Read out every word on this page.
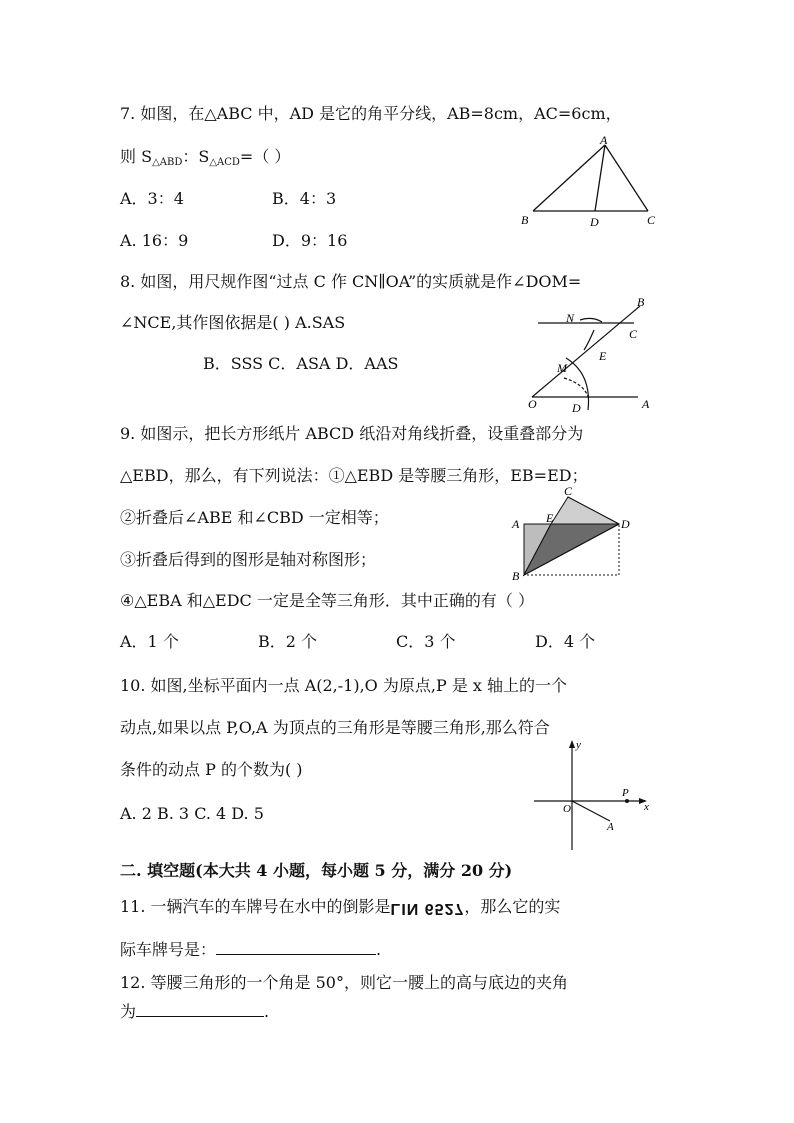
7. 如图，在△ABC 中，AD 是它的角平分线，AB=8cm，AC=6cm，
则 $S_{\triangle ABD}$：$S_{\triangle ACD}=$（ ）
A．3：4	B．4：3
A. 16：9	D．9：16
A
B	D	C
8. 如图，用尺规作图“过点 C 作 CN∥OA”的实质就是作∠DOM=
∠NCE,其作图依据是( ) A.SAS
B．SSS C．ASA D．AAS
B
N
C
E
M
O	D	A
9. 如图示，把长方形纸片 ABCD 纸沿对角线折叠，设重叠部分为
△EBD，那么，有下列说法：①△EBD 是等腰三角形，EB=ED；
②折叠后∠ABE 和∠CBD 一定相等；
③折叠后得到的图形是轴对称图形；
④△EBA 和△EDC 一定是全等三角形．其中正确的有（ ）
A．1 个	B．2 个	C．3 个	D．4 个
A E
C
D
B
10. 如图,坐标平面内一点 A(2,-1),O 为原点,P 是 x 轴上的一个
动点,如果以点 P,O,A 为顶点的三角形是等腰三角形,那么符合
条件的动点 P 的个数为( )
A. 2 B. 3 C. 4 D. 5
y
x
O
P
A
二. 填空题(本大共 4 小题，每小题 5 分，满分 20 分)
11. 一辆汽车的车牌号在水中的倒影是LIN 6527，那么它的实
际车牌号是：	.
12. 等腰三角形的一个角是 50°，则它一腰上的高与底边的夹角
为	.
